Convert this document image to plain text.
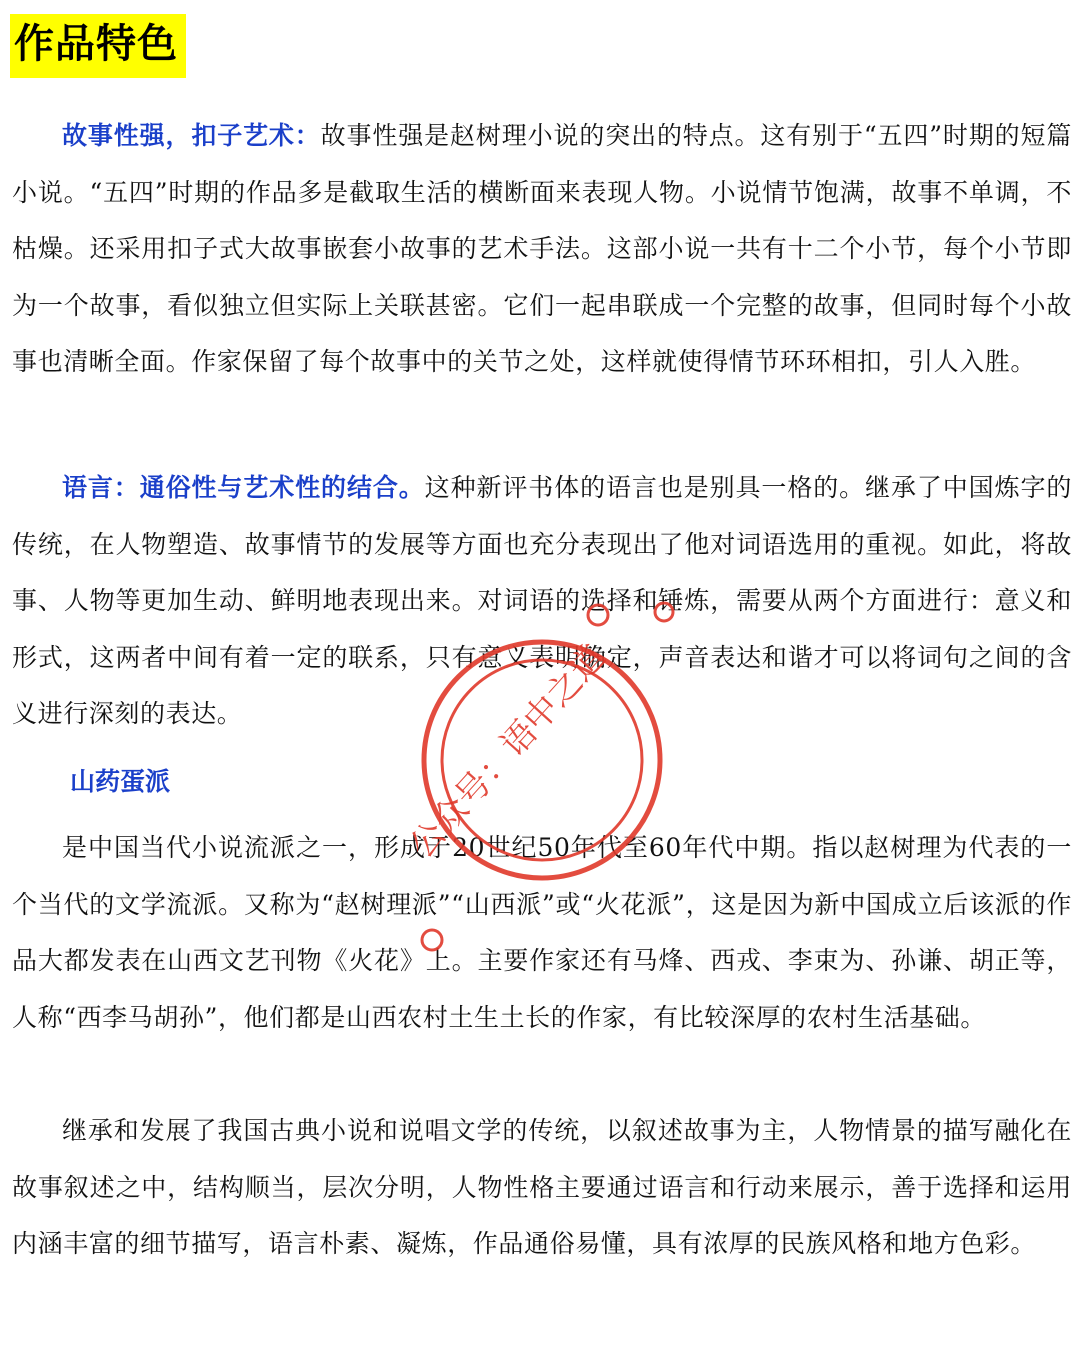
作品特色

故事性强，扣子艺术：故事性强是赵树理小说的突出的特点。这有别于“五四”时期的短篇小说。“五四”时期的作品多是截取生活的横断面来表现人物。小说情节饱满，故事不单调，不枯燥。还采用扣子式大故事嵌套小故事的艺术手法。这部小说一共有十二个小节，每个小节即为一个故事，看似独立但实际上关联甚密。它们一起串联成一个完整的故事，但同时每个小故事也清晰全面。作家保留了每个故事中的关节之处，这样就使得情节环环相扣，引人入胜。

语言：通俗性与艺术性的结合。这种新评书体的语言也是别具一格的。继承了中国炼字的传统，在人物塑造、故事情节的发展等方面也充分表现出了他对词语选用的重视。如此，将故事、人物等更加生动、鲜明地表现出来。对词语的选择和锤炼，需要从两个方面进行：意义和形式，这两者中间有着一定的联系，只有意义表明确定，声音表达和谐才可以将词句之间的含义进行深刻的表达。

山药蛋派

是中国当代小说流派之一，形成于20世纪50年代至60年代中期。指以赵树理为代表的一个当代的文学流派。又称为“赵树理派”“山西派”或“火花派”，这是因为新中国成立后该派的作品大都发表在山西文艺刊物《火花》上。主要作家还有马烽、西戎、李束为、孙谦、胡正等，人称“西李马胡孙”，他们都是山西农村土生土长的作家，有比较深厚的农村生活基础。

继承和发展了我国古典小说和说唱文学的传统，以叙述故事为主，人物情景的描写融化在故事叙述之中，结构顺当，层次分明，人物性格主要通过语言和行动来展示，善于选择和运用内涵丰富的细节描写，语言朴素、凝炼，作品通俗易懂，具有浓厚的民族风格和地方色彩。

公众号：语中之道
